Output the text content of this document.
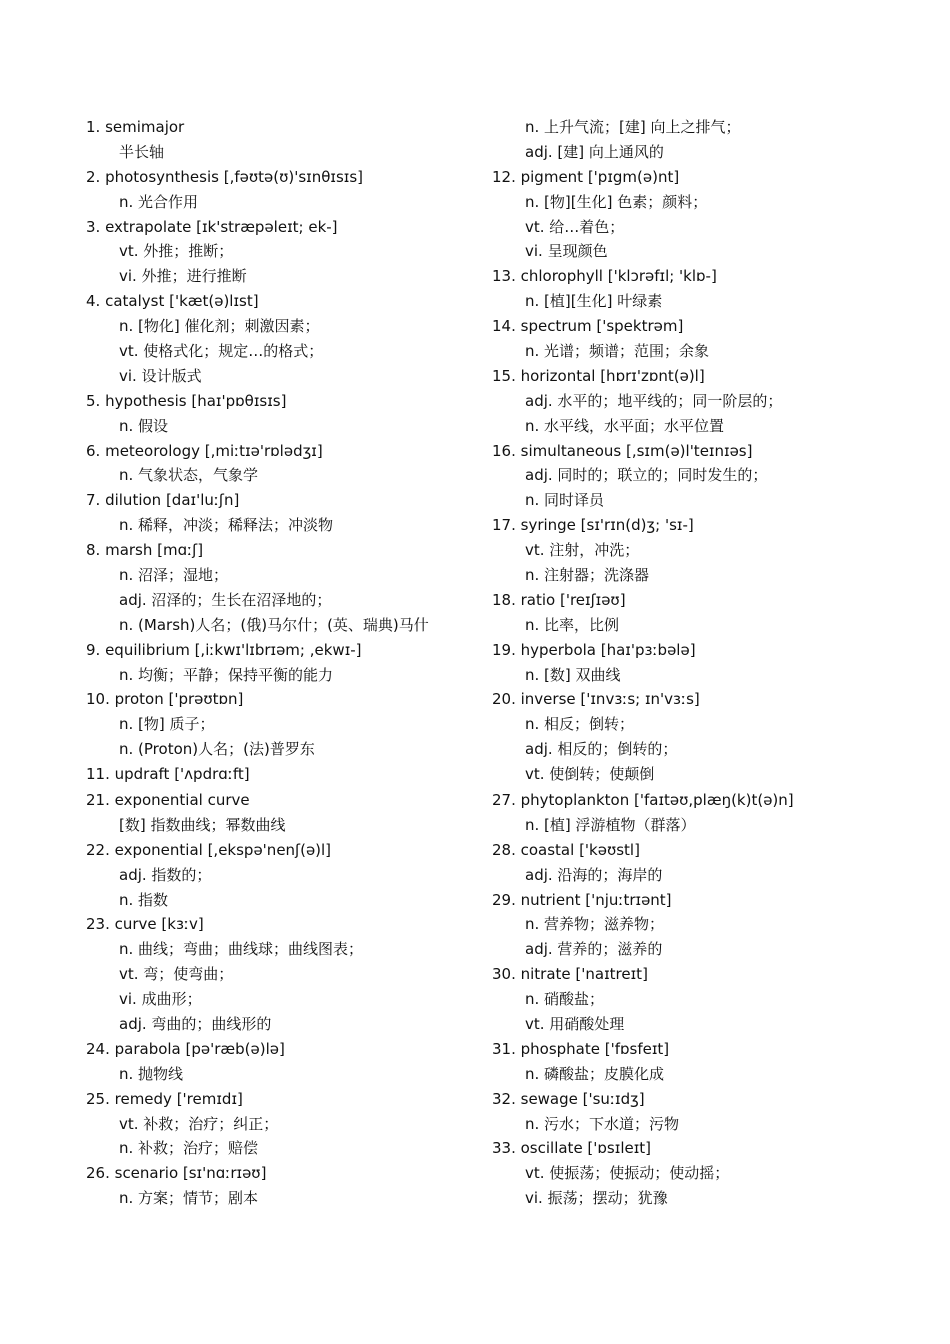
1. semimajor
半长轴
2. photosynthesis [,fəʊtə(ʊ)'sɪnθɪsɪs]
n. 光合作用
3. extrapolate [ɪk'stræpəleɪt; ek-]
vt. 外推；推断；
vi. 外推；进行推断
4. catalyst ['kæt(ə)lɪst]
n. [物化] 催化剂；刺激因素；
vt. 使格式化；规定…的格式；
vi. 设计版式
5. hypothesis [haɪ'pɒθɪsɪs]
n. 假设
6. meteorology [,miːtɪə'rɒlədʒɪ]
n. 气象状态，气象学
7. dilution [daɪ'luːʃn]
n. 稀释，冲淡；稀释法；冲淡物
8. marsh [mɑːʃ]
n. 沼泽；湿地；
adj. 沼泽的；生长在沼泽地的；
n. (Marsh)人名；(俄)马尔什；(英、瑞典)马什
9. equilibrium [,iːkwɪ'lɪbrɪəm; ,ekwɪ-]
n. 均衡；平静；保持平衡的能力
10. proton ['prəʊtɒn]
n. [物] 质子；
n. (Proton)人名；(法)普罗东
11. updraft ['ʌpdrɑːft]
n. 上升气流；[建] 向上之排气；
adj. [建] 向上通风的
12. pigment ['pɪgm(ə)nt]
n. [物][生化] 色素；颜料；
vt. 给…着色；
vi. 呈现颜色
13. chlorophyll ['klɔrəfɪl; 'klɒ-]
n. [植][生化] 叶绿素
14. spectrum ['spektrəm]
n. 光谱；频谱；范围；余象
15. horizontal [hɒrɪ'zɒnt(ə)l]
adj. 水平的；地平线的；同一阶层的；
n. 水平线，水平面；水平位置
16. simultaneous [,sɪm(ə)l'teɪnɪəs]
adj. 同时的；联立的；同时发生的；
n. 同时译员
17. syringe [sɪ'rɪn(d)ʒ; 'sɪ-]
vt. 注射，冲洗；
n. 注射器；洗涤器
18. ratio ['reɪʃɪəʊ]
n. 比率，比例
19. hyperbola [haɪ'pɜːbələ]
n. [数] 双曲线
20. inverse ['ɪnvɜːs; ɪn'vɜːs]
n. 相反；倒转；
adj. 相反的；倒转的；
vt. 使倒转；使颠倒
21. exponential curve
[数] 指数曲线；幂数曲线
22. exponential [,ekspə'nenʃ(ə)l]
adj. 指数的；
n. 指数
23. curve [kɜːv]
n. 曲线；弯曲；曲线球；曲线图表；
vt. 弯；使弯曲；
vi. 成曲形；
adj. 弯曲的；曲线形的
24. parabola [pə'ræb(ə)lə]
n. 抛物线
25. remedy ['remɪdɪ]
vt. 补救；治疗；纠正；
n. 补救；治疗；赔偿
26. scenario [sɪ'nɑːrɪəʊ]
n. 方案；情节；剧本
27. phytoplankton ['faɪtəʊ,plæŋ(k)t(ə)n]
n. [植] 浮游植物（群落）
28. coastal ['kəʊstl]
adj. 沿海的；海岸的
29. nutrient ['njuːtrɪənt]
n. 营养物；滋养物；
adj. 营养的；滋养的
30. nitrate ['naɪtreɪt]
n. 硝酸盐；
vt. 用硝酸处理
31. phosphate ['fɒsfeɪt]
n. 磷酸盐；皮膜化成
32. sewage ['suːɪdʒ]
n. 污水；下水道；污物
33. oscillate ['ɒsɪleɪt]
vt. 使振荡；使振动；使动摇；
vi. 振荡；摆动；犹豫
